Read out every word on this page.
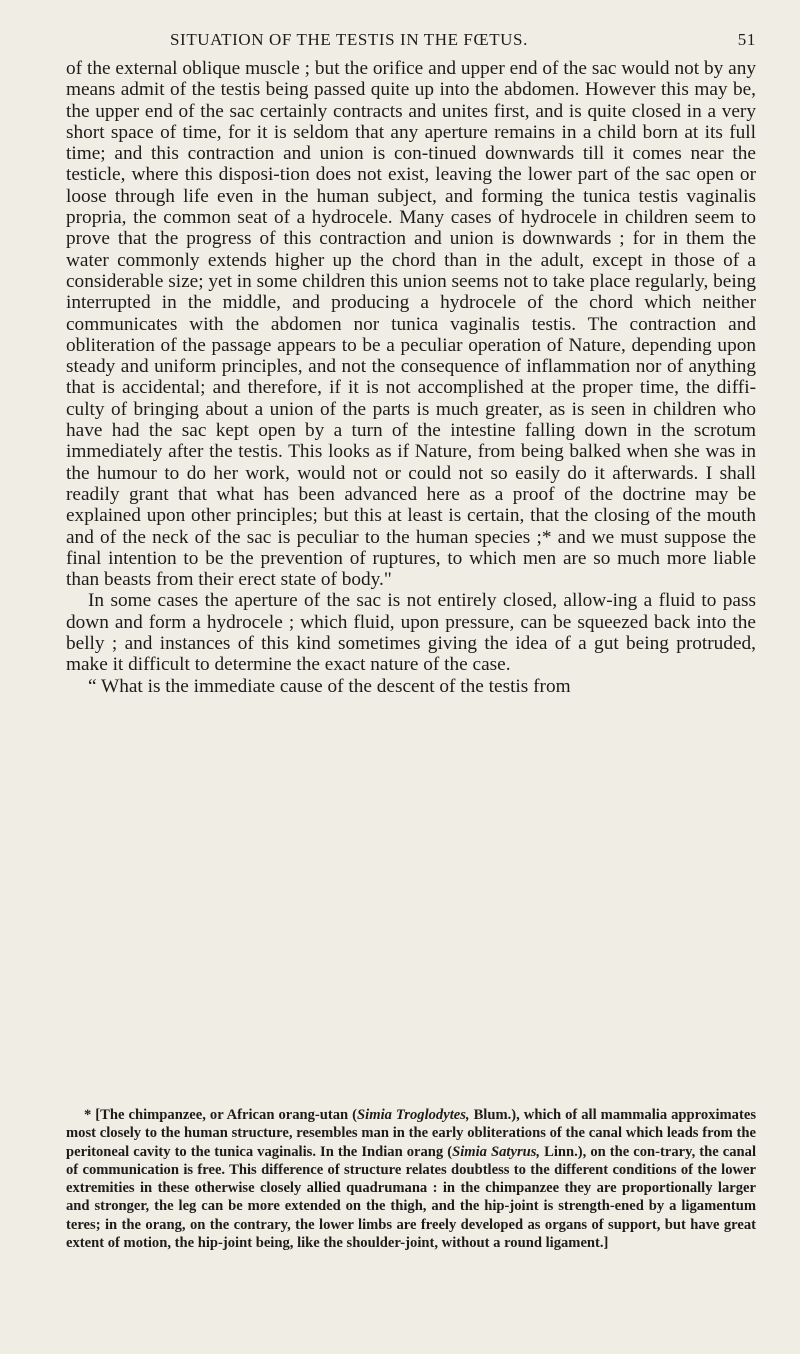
SITUATION OF THE TESTIS IN THE FŒTUS.	51

of the external oblique muscle ; but the orifice and upper end of the sac would not by any means admit of the testis being passed quite up into the abdomen. However this may be, the upper end of the sac certainly contracts and unites first, and is quite closed in a very short space of time, for it is seldom that any aperture remains in a child born at its full time; and this contraction and union is con-tinued downwards till it comes near the testicle, where this disposi-tion does not exist, leaving the lower part of the sac open or loose through life even in the human subject, and forming the tunica testis vaginalis propria, the common seat of a hydrocele. Many cases of hydrocele in children seem to prove that the progress of this contraction and union is downwards ; for in them the water commonly extends higher up the chord than in the adult, except in those of a considerable size; yet in some children this union seems not to take place regularly, being interrupted in the middle, and producing a hydrocele of the chord which neither communicates with the abdomen nor tunica vaginalis testis. The contraction and obliteration of the passage appears to be a peculiar operation of Nature, depending upon steady and uniform principles, and not the consequence of inflammation nor of anything that is accidental; and therefore, if it is not accomplished at the proper time, the diffi-culty of bringing about a union of the parts is much greater, as is seen in children who have had the sac kept open by a turn of the intestine falling down in the scrotum immediately after the testis. This looks as if Nature, from being balked when she was in the humour to do her work, would not or could not so easily do it afterwards. I shall readily grant that what has been advanced here as a proof of the doctrine may be explained upon other principles; but this at least is certain, that the closing of the mouth and of the neck of the sac is peculiar to the human species ;* and we must suppose the final intention to be the prevention of ruptures, to which men are so much more liable than beasts from their erect state of body."

In some cases the aperture of the sac is not entirely closed, allow-ing a fluid to pass down and form a hydrocele ; which fluid, upon pressure, can be squeezed back into the belly ; and instances of this kind sometimes giving the idea of a gut being protruded, make it difficult to determine the exact nature of the case.

“ What is the immediate cause of the descent of the testis from

* [The chimpanzee, or African orang-utan (Simia Troglodytes, Blum.), which of all mammalia approximates most closely to the human structure, resembles man in the early obliterations of the canal which leads from the peritoneal cavity to the tunica vaginalis. In the Indian orang (Simia Satyrus, Linn.), on the con-trary, the canal of communication is free. This difference of structure relates doubtless to the different conditions of the lower extremities in these otherwise closely allied quadrumana : in the chimpanzee they are proportionally larger and stronger, the leg can be more extended on the thigh, and the hip-joint is strength-ened by a ligamentum teres; in the orang, on the contrary, the lower limbs are freely developed as organs of support, but have great extent of motion, the hip-joint being, like the shoulder-joint, without a round ligament.]
